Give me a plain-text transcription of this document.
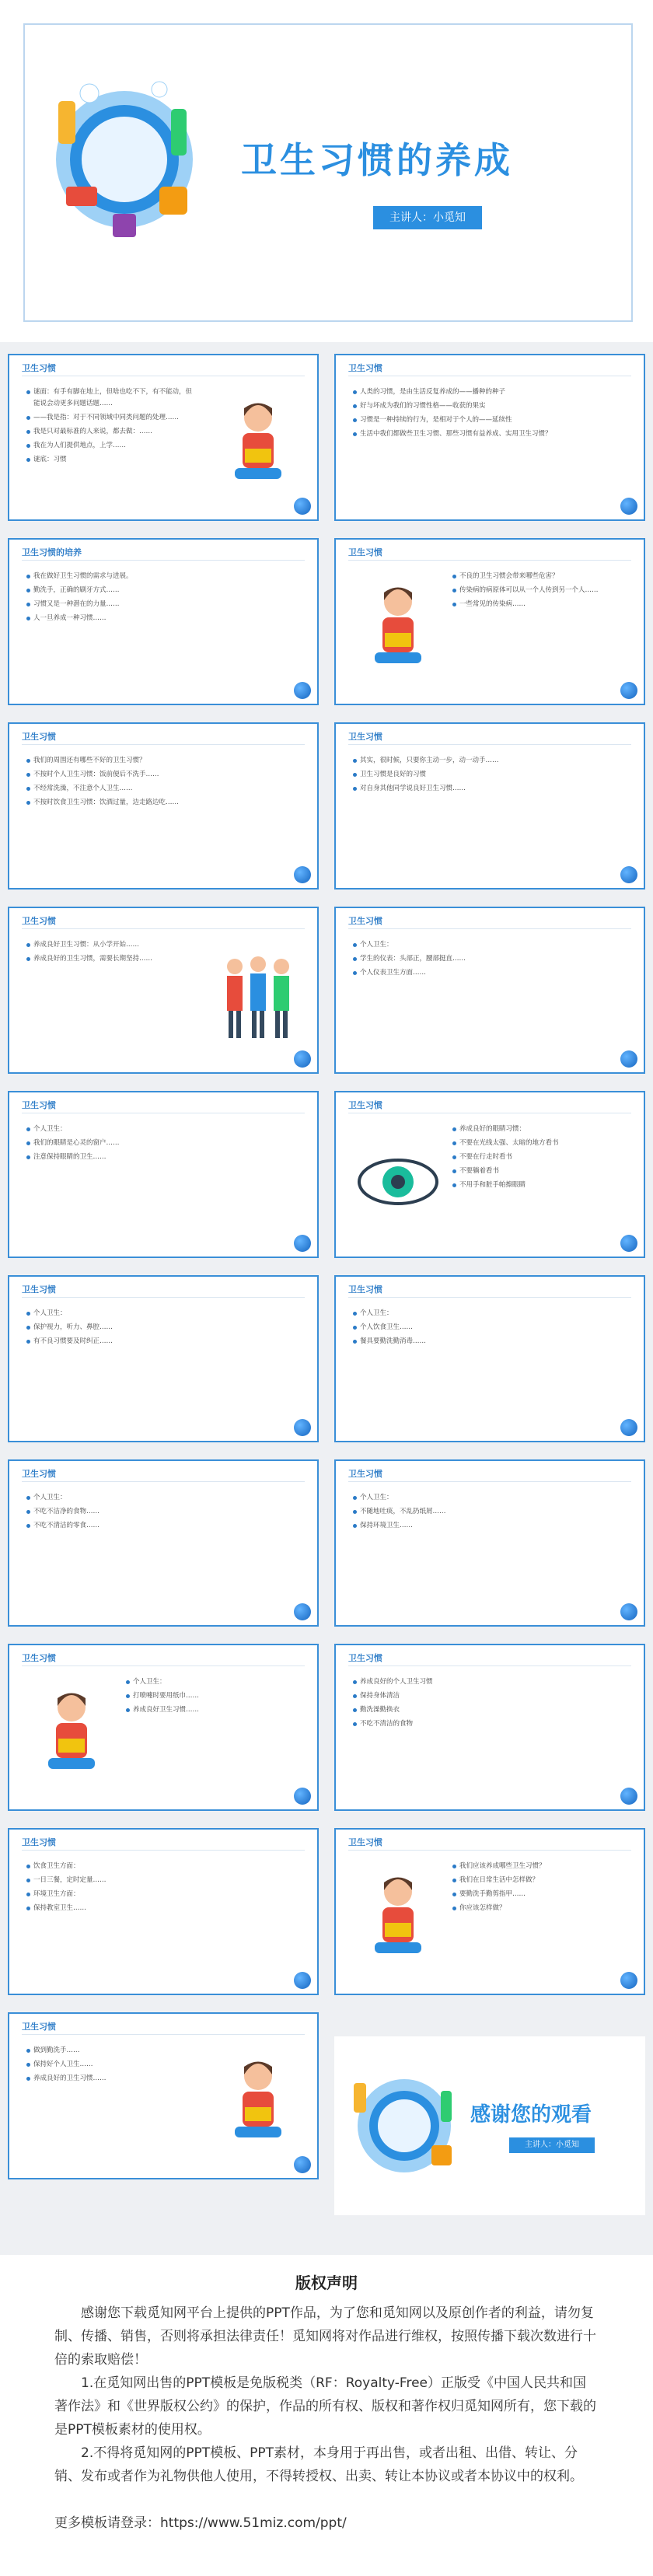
卫生习惯的养成
主讲人：小觅知
卫生习惯
谜面：有手有脚在地上，但啥也吃不下，有不能动，但能说会动更多问题话题……
——我是指：对于不同领域中同类问题的处理……
我是只对最标准的人来说，都去做：……
我在为人们提供地点，上学……
谜底：习惯
卫生习惯
人类的习惯，是由生活反复养成的——播种的种子
好与坏成为我们的习惯性格——收获的果实
习惯是一种持续的行为，是相对于个人的——延续性
生活中我们都做些卫生习惯、那些习惯有益养成、实用卫生习惯？
卫生习惯的培养
我在做好卫生习惯的需求与进展。
勤洗手，正确的刷牙方式……
习惯又是一种潜在的力量……
人一旦养成一种习惯……
卫生习惯
不良的卫生习惯会带来哪些危害？
传染病的病原体可以从一个人传到另一个人……
一些常见的传染病……
卫生习惯
我们的周围还有哪些不好的卫生习惯？
不按时个人卫生习惯：饭前便后不洗手……
不经常洗澡，不注意个人卫生……
不按时饮食卫生习惯：饮酒过量，边走路边吃……
卫生习惯
其实，很时候，只要你主动一步，动一动手……
卫生习惯是良好的习惯
对自身其他同学说良好卫生习惯……
卫生习惯
养成良好卫生习惯：从小学开始……
养成良好的卫生习惯，需要长期坚持……
卫生习惯
个人卫生：
学生的仪表：头部正，腰部挺直……
个人仪表卫生方面……
卫生习惯
个人卫生：
我们的眼睛是心灵的窗户……
注意保持眼睛的卫生……
卫生习惯
养成良好的眼睛习惯：
不要在光线太强、太暗的地方看书
不要在行走时看书
不要躺着看书
不用手和脏手帕擦眼睛
卫生习惯
个人卫生：
保护视力，听力、鼻腔……
有不良习惯要及时纠正……
卫生习惯
个人卫生：
个人饮食卫生……
餐具要勤洗勤消毒……
卫生习惯
个人卫生：
不吃不洁净的食物……
不吃不清洁的零食……
卫生习惯
个人卫生：
不随地吐痰，不乱扔纸屑……
保持环境卫生……
卫生习惯
个人卫生：
打喷嚏时要用纸巾……
养成良好卫生习惯……
卫生习惯
养成良好的个人卫生习惯
保持身体清洁
勤洗澡勤换衣
不吃不清洁的食物
卫生习惯
饮食卫生方面：
一日三餐，定时定量……
环境卫生方面：
保持教室卫生……
卫生习惯
我们应该养成哪些卫生习惯？
我们在日常生活中怎样做？
要勤洗手勤剪指甲……
你应该怎样做？
卫生习惯
做到勤洗手……
保持好个人卫生……
养成良好的卫生习惯……
感谢您的观看
主讲人：小觅知
版权声明
感谢您下载觅知网平台上提供的PPT作品，为了您和觅知网以及原创作者的利益，请勿复制、传播、销售，否则将承担法律责任！觅知网将对作品进行维权，按照传播下载次数进行十倍的索取赔偿！
1.在觅知网出售的PPT模板是免版税类（RF：Royalty-Free）正版受《中国人民共和国著作法》和《世界版权公约》的保护，作品的所有权、版权和著作权归觅知网所有，您下载的是PPT模板素材的使用权。
2.不得将觅知网的PPT模板、PPT素材，本身用于再出售，或者出租、出借、转让、分销、发布或者作为礼物供他人使用，不得转授权、出卖、转让本协议或者本协议中的权利。
更多模板请登录：https://www.51miz.com/ppt/
